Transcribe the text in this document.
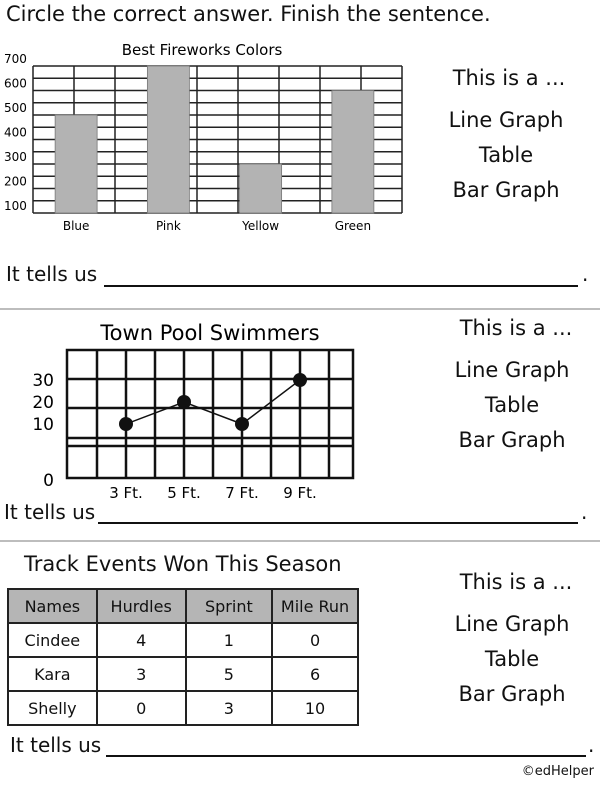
Circle the correct answer. Finish the sentence.
Best Fireworks Colors
700
600
500
400
300
200
100
Blue	Pink	Yellow	Green
This is a ...
Line Graph
Table
Bar Graph
It tells us	.
Town Pool Swimmers
0
10
20
30
3 Ft. 5 Ft. 7 Ft. 9 Ft.
This is a ...
Line Graph
Table
Bar Graph
It tells us	.
Track Events Won This Season
Names	Hurdles	Sprint	Mile Run
Cindee	4	1	0
Kara	3	5	6
Shelly	0	3	10
This is a ...
Line Graph
Table
Bar Graph
It tells us	.
©edHelper
